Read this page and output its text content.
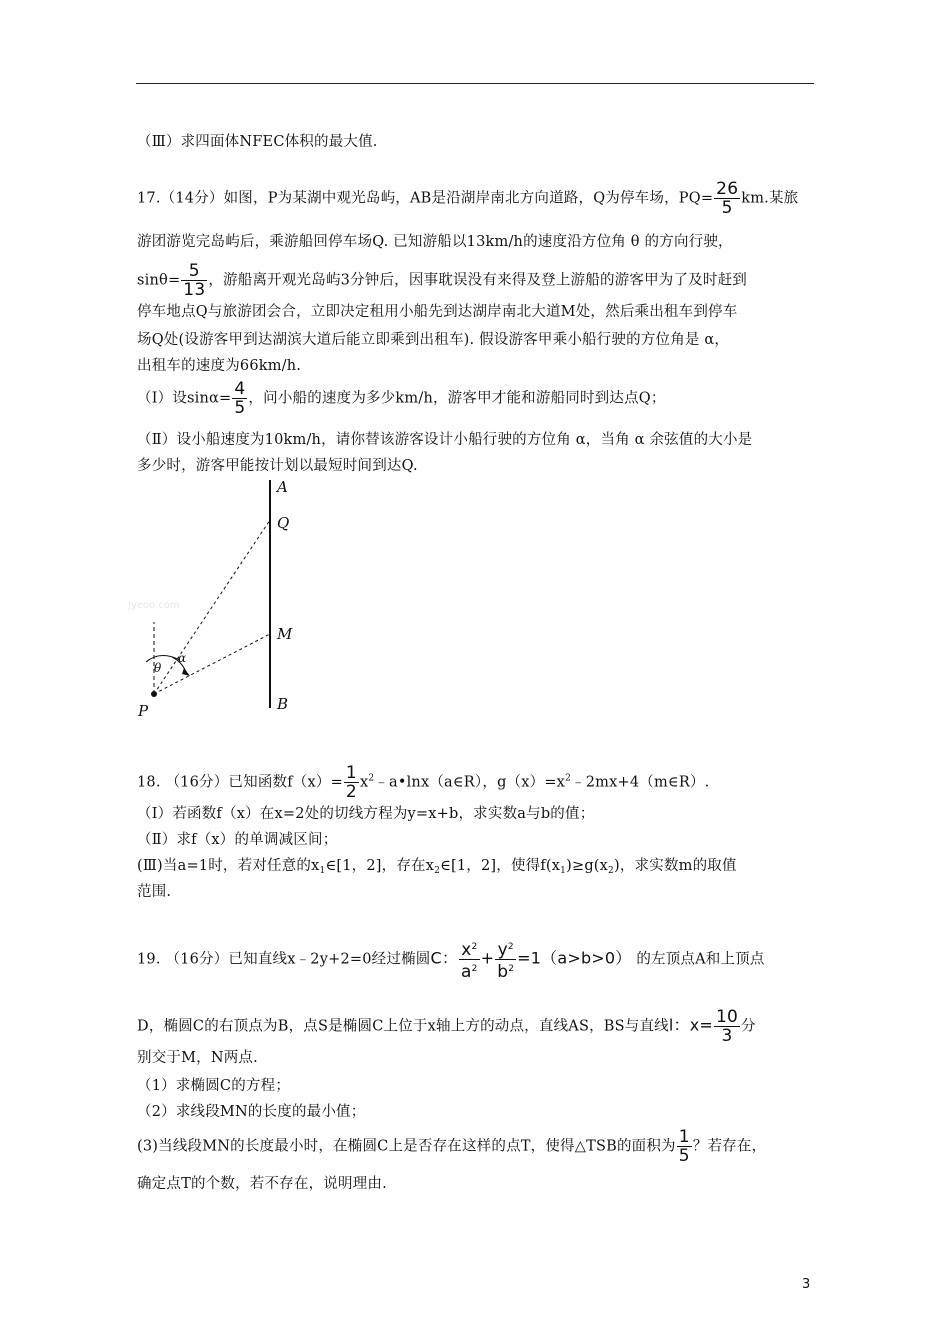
（Ⅲ）求四面体NFEC体积的最大值.
17.（14分）如图，P为某湖中观光岛屿，AB是沿湖岸南北方向道路，Q为停车场，$PQ= \frac{26}{5}$ km.某旅
游团游览完岛屿后，乘游船回停车场Q. 已知游船以13km/h的速度沿方位角 θ 的方向行驶，
$\sin\theta= \frac{5}{13}$ ，游船离开观光岛屿3分钟后，因事耽误没有来得及登上游船的游客甲为了及时赶到
停车地点Q与旅游团会合，立即决定租用小船先到达湖岸南北大道M处，然后乘出租车到停车
场Q处(设游客甲到达湖滨大道后能立即乘到出租车). 假设游客甲乘小船行驶的方位角是 α，
出租车的速度为66km/h.
（Ⅰ）设$\sin\alpha= \frac{4}{5}$ ，问小船的速度为多少km/h，游客甲才能和游船同时到达点Q；
（Ⅱ）设小船速度为10km/h，请你替该游客设计小船行驶的方位角 α，当角 α 余弦值的大小是
多少时，游客甲能按计划以最短时间到达Q.
A
Q
M
B
P
θ
α
Jyeoo.com
18. （16分）已知函数$f(x)= \frac{1}{2}$ $x^2﹣a•\ln x(a\in R)$，$g(x)=x^2﹣2mx+4(m\in R)$.
（Ⅰ）若函数f（x）在x=2处的切线方程为y=x+b，求实数a与b的值；
（Ⅱ）求f（x）的单调减区间；
(Ⅲ)当a=1时，若对任意的$x_1\in[1$，2]，存在$x_2\in[1$，2]，使得$f(x_1)\ge g(x_2)$，求实数m的取值
范围.
19. （16分）已知直线x﹣2y+2=0经过椭圆C： $\frac{x^2}{a^2} + \frac{y^2}{b^2} =1(a>b>0)$ 的左顶点A和上顶点
D，椭圆C的右顶点为B，点S是椭圆C上位于x轴上方的动点，直线AS，BS与直线l：$x= \frac{10}{3}$ 分
别交于M，N两点.
（1）求椭圆C的方程；
（2）求线段MN的长度的最小值；
(3)当线段MN的长度最小时，在椭圆C上是否存在这样的点T，使得△TSB的面积为 $\frac{1}{5}$ ？若存在，
确定点T的个数，若不存在，说明理由.
3
